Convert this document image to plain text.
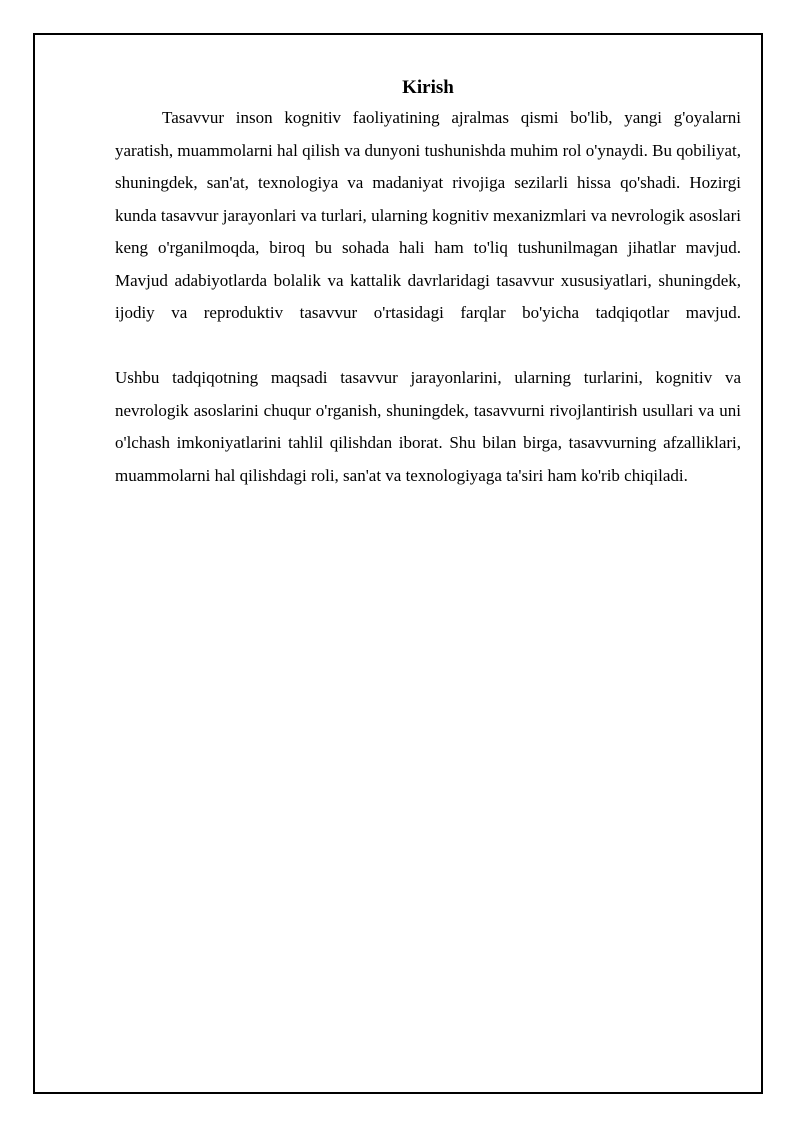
Kirish

Tasavvur inson kognitiv faoliyatining ajralmas qismi bo'lib, yangi g'oyalarni yaratish, muammolarni hal qilish va dunyoni tushunishda muhim rol o'ynaydi. Bu qobiliyat, shuningdek, san'at, texnologiya va madaniyat rivojiga sezilarli hissa qo'shadi. Hozirgi kunda tasavvur jarayonlari va turlari, ularning kognitiv mexanizmlari va nevrologik asoslari keng o'rganilmoqda, biroq bu sohada hali ham to'liq tushunilmagan jihatlar mavjud. Mavjud adabiyotlarda bolalik va kattalik davrlaridagi tasavvur xususiyatlari, shuningdek, ijodiy va reproduktiv tasavvur o'rtasidagi farqlar bo'yicha tadqiqotlar mavjud.

Ushbu tadqiqotning maqsadi tasavvur jarayonlarini, ularning turlarini, kognitiv va nevrologik asoslarini chuqur o'rganish, shuningdek, tasavvurni rivojlantirish usullari va uni o'lchash imkoniyatlarini tahlil qilishdan iborat. Shu bilan birga, tasavvurning afzalliklari, muammolarni hal qilishdagi roli, san'at va texnologiyaga ta'siri ham ko'rib chiqiladi.
